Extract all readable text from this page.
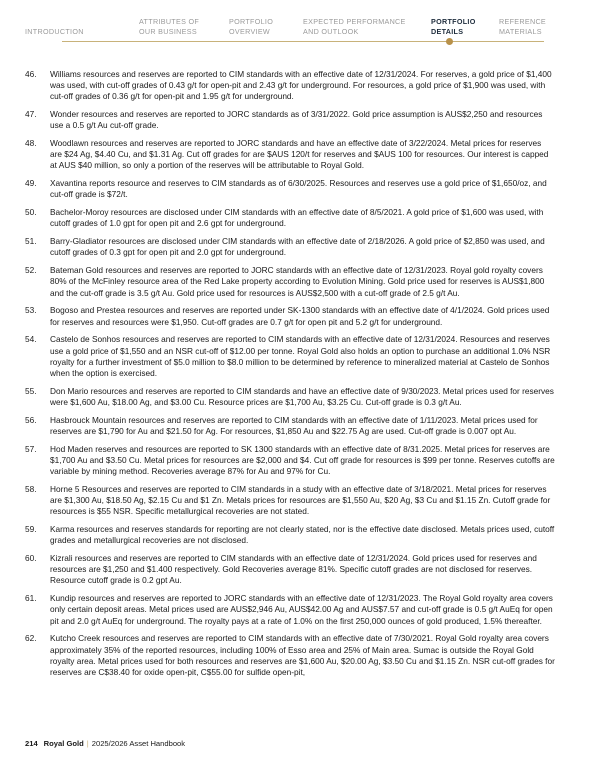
INTRODUCTION
ATTRIBUTES OF
OUR BUSINESS
PORTFOLIO
OVERVIEW
EXPECTED PERFORMANCE
AND OUTLOOK
PORTFOLIO
DETAILS
REFERENCE
MATERIALS
46. Williams resources and reserves are reported to CIM standards with an effective date of 12/31/2024. For reserves, a gold price of $1,400 was used, with cut-off grades of 0.43 g/t for open-pit and 2.43 g/t for underground. For resources, a gold price of $1,900 was used, with cut-off grades of 0.36 g/t for open-pit and 1.95 g/t for underground.
47. Wonder resources and reserves are reported to JORC standards as of 3/31/2022. Gold price assumption is AUS$2,250 and resources use a 0.5 g/t Au cut-off grade.
48. Woodlawn resources and reserves are reported to JORC standards and have an effective date of 3/22/2024. Metal prices for reserves are $24 Ag, $4.40 Cu, and $1.31 Ag. Cut off grades for are $AUS 120/t for reserves and $AUS 100 for resources. Our interest is capped at AUS $40 million, so only a portion of the reserves will be attributable to Royal Gold.
49. Xavantina reports resource and reserves to CIM standards as of 6/30/2025. Resources and reserves use a gold price of $1,650/oz, and cut-off grade is $72/t.
50. Bachelor-Moroy resources are disclosed under CIM standards with an effective date of 8/5/2021. A gold price of $1,600 was used, with cutoff grades of 1.0 gpt for open pit and 2.6 gpt for underground.
51. Barry-Gladiator resources are disclosed under CIM standards with an effective date of 2/18/2026. A gold price of $2,850 was used, and cutoff grades of 0.3 gpt for open pit and 2.0 gpt for underground.
52. Bateman Gold resources and reserves are reported to JORC standards with an effective date of 12/31/2023. Royal gold royalty covers 80% of the McFinley resource area of the Red Lake property according to Evolution Mining. Gold price used for reserves is AUS$1,800 and the cut-off grade is 3.5 g/t Au. Gold price used for resources is AUS$2,500 with a cut-off grade of 2.5 g/t Au.
53. Bogoso and Prestea resources and reserves are reported under SK-1300 standards with an effective date of 4/1/2024. Gold prices used for reserves and resources were $1,950. Cut-off grades are 0.7 g/t for open pit and 5.2 g/t for underground.
54. Castelo de Sonhos resources and reserves are reported to CIM standards with an effective date of 12/31/2024. Resources and reserves use a gold price of $1,550 and an NSR cut-off of $12.00 per tonne. Royal Gold also holds an option to purchase an additional 1.0% NSR royalty for a further investment of $5.0 million to $8.0 million to be determined by reference to mineralized material at Castelo de Sonhos when the option is exercised.
55. Don Mario resources and reserves are reported to CIM standards and have an effective date of 9/30/2023. Metal prices used for reserves were $1,600 Au, $18.00 Ag, and $3.00 Cu. Resource prices are $1,700 Au, $3.25 Cu. Cut-off grade is 0.3 g/t Au.
56. Hasbrouck Mountain resources and reserves are reported to CIM standards with an effective date of 1/11/2023. Metal prices used for reserves are $1,790 for Au and $21.50 for Ag. For resources, $1,850 Au and $22.75 Ag are used. Cut-off grade is 0.007 opt Au.
57. Hod Maden reserves and resources are reported to SK 1300 standards with an effective date of 8/31.2025. Metal prices for reserves are $1,700 Au and $3.50 Cu. Metal prices for resources are $2,000 and $4. Cut off grade for resources is $99 per tonne. Reserves cutoffs are variable by mining method. Recoveries average 87% for Au and 97% for Cu.
58. Horne 5 Resources and reserves are reported to CIM standards in a study with an effective date of 3/18/2021. Metal prices for reserves are $1,300 Au, $18.50 Ag, $2.15 Cu and $1 Zn. Metals prices for resources are $1,550 Au, $20 Ag, $3 Cu and $1.15 Zn. Cutoff grade for resources is $55 NSR. Specific metallurgical recoveries are not stated.
59. Karma resources and reserves standards for reporting are not clearly stated, nor is the effective date disclosed. Metals prices used, cutoff grades and metallurgical recoveries are not disclosed.
60. Kizrali resources and reserves are reported to CIM standards with an effective date of 12/31/2024. Gold prices used for reserves and resources are $1,250 and $1.400 respectively. Gold Recoveries average 81%. Specific cutoff grades are not disclosed for reserves. Resource cutoff grade is 0.2 gpt Au.
61. Kundip resources and reserves are reported to JORC standards with an effective date of 12/31/2023. The Royal Gold royalty area covers only certain deposit areas. Metal prices used are AUS$2,946 Au, AUS$42.00 Ag and AUS$7.57 and cut-off grade is 0.5 g/t AuEq for open pit and 2.0 g/t AuEq for underground. The royalty pays at a rate of 1.0% on the first 250,000 ounces of gold produced, 1.5% thereafter.
62. Kutcho Creek resources and reserves are reported to CIM standards with an effective date of 7/30/2021. Royal Gold royalty area covers approximately 35% of the reported resources, including 100% of Esso area and 25% of Main area. Sumac is outside the Royal Gold royalty area. Metal prices used for both resources and reserves are $1,600 Au, $20.00 Ag, $3.50 Cu and $1.15 Zn. NSR cut-off grades for reserves are C$38.40 for oxide open-pit, C$55.00 for sulfide open-pit,
214 Royal Gold | 2025/2026 Asset Handbook
